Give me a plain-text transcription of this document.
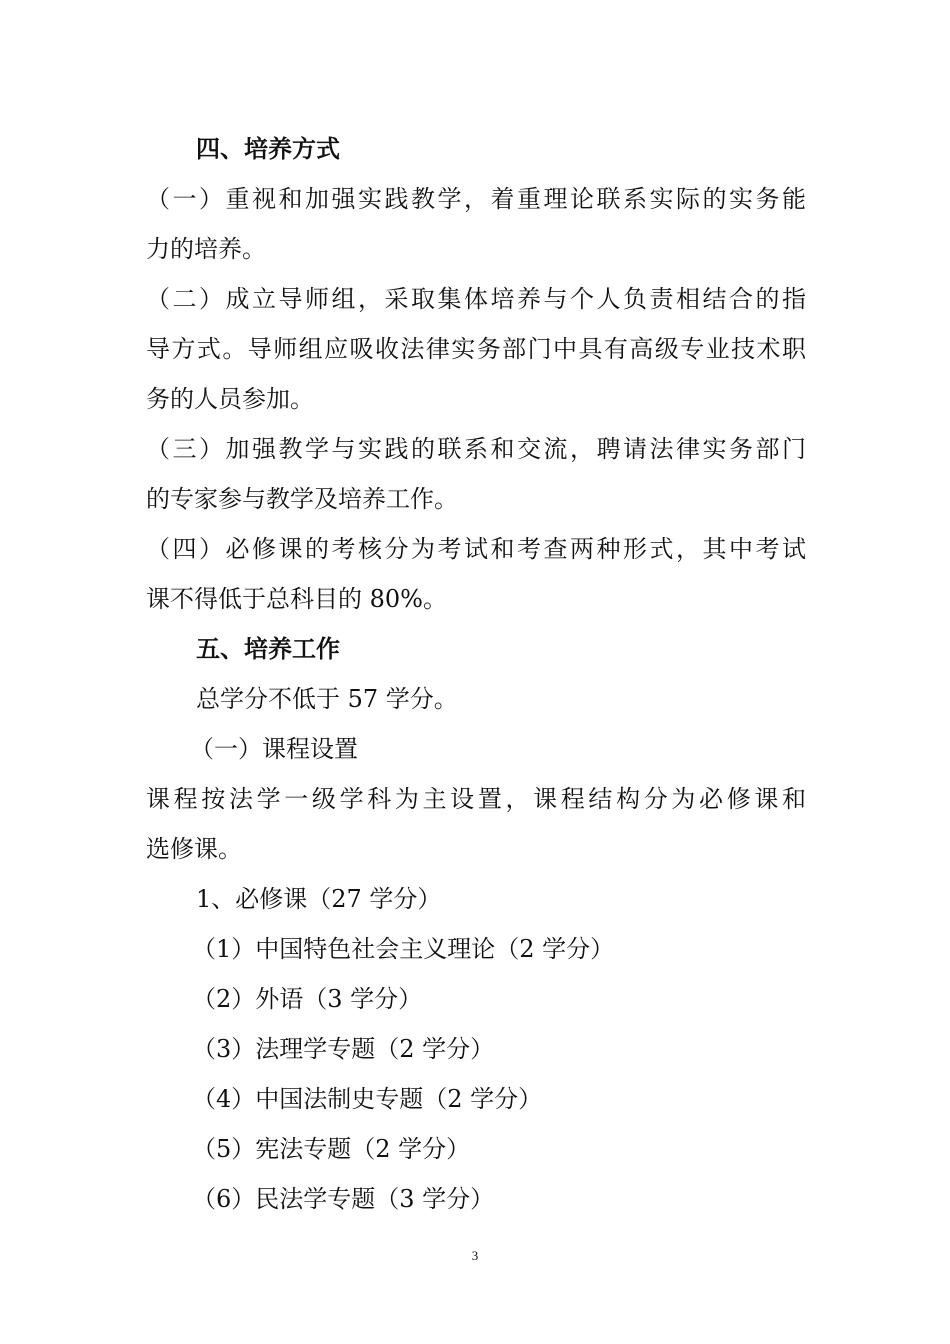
四、培养方式
（一）重视和加强实践教学，着重理论联系实际的实务能
力的培养。
（二）成立导师组，采取集体培养与个人负责相结合的指
导方式。导师组应吸收法律实务部门中具有高级专业技术职
务的人员参加。
（三）加强教学与实践的联系和交流，聘请法律实务部门
的专家参与教学及培养工作。
（四）必修课的考核分为考试和考查两种形式，其中考试
课不得低于总科目的 80%。
五、培养工作
总学分不低于 57 学分。
（一）课程设置
课程按法学一级学科为主设置，课程结构分为必修课和
选修课。
1、必修课（27 学分）
（1）中国特色社会主义理论（2 学分）
（2）外语（3 学分）
（3）法理学专题（2 学分）
（4）中国法制史专题（2 学分）
（5）宪法专题（2 学分）
（6）民法学专题（3 学分）
3
